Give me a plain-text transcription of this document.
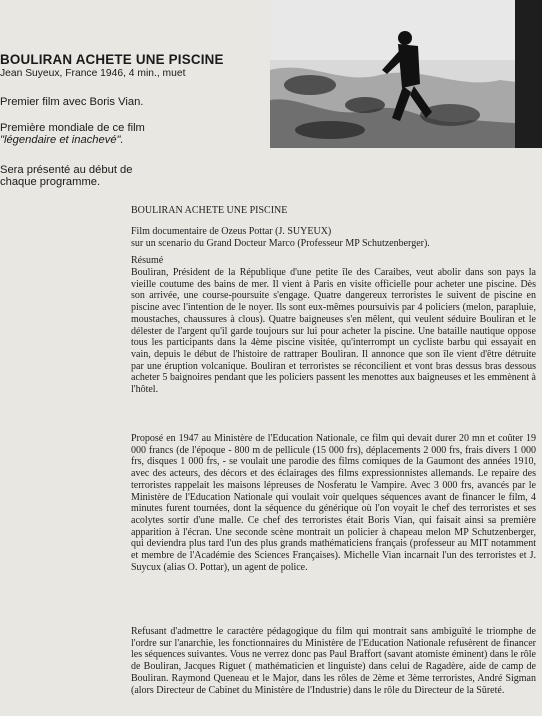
BOULIRAN ACHETE UNE PISCINE
Jean Suyeux, France 1946, 4 min., muet
Premier film avec Boris Vian.
Première mondiale de ce film
"légendaire et inachevé".
Sera présenté au début de
chaque programme.
BOULIRAN ACHETE UNE PISCINE
Film documentaire de Ozeus Pottar (J. SUYEUX)
sur un scenario du Grand Docteur Marco (Professeur MP Schutzenberger).
Résumé
Bouliran, Président de la République d'une petite île des Caraibes, veut abolir dans son pays la vieille coutume des bains de mer. Il vient à Paris en visite officielle pour acheter une piscine. Dès son arrivée, une course-poursuite s'engage. Quatre dangereux terroristes le suivent de piscine en piscine avec l'intention de le noyer. Ils sont eux-mêmes poursuivis par 4 policiers (melon, parapluie, moustaches, chaussures à clous). Quatre baigneuses s'en mêlent, qui veulent séduire Bouliran et le délester de l'argent qu'il garde toujours sur lui pour acheter la piscine. Une bataille nautique oppose tous les participants dans la 4ème piscine visitée, qu'interrompt un cycliste barbu qui essayait en vain, depuis le début de l'histoire de rattraper Bouliran. Il annonce que son île vient d'être détruite par une éruption volcanique. Bouliran et terroristes se réconcilient et vont bras dessus bras dessous acheter 5 baignoires pendant que les policiers passent les menottes aux baigneuses et les emmènent à l'hôtel.
Proposé en 1947 au Ministère de l'Education Nationale, ce film qui devait durer 20 mn et coûter 19 000 francs (de l'époque - 800 m de pellicule (15 000 frs), déplacements 2 000 frs, frais divers 1 000 frs, disques 1 000 frs, - se voulait une parodie des films comiques de la Gaumont des années 1910, avec des acteurs, des décors et des éclairages des films expressionnistes allemands. Le repaire des terroristes rappelait les maisons lépreuses de Nosferatu le Vampire. Avec 3 000 frs, avancés par le Ministère de l'Education Nationale qui voulait voir quelques séquences avant de financer le film, 4 minutes furent tournées, dont la séquence du générique où l'on voyait le chef des terroristes et ses acolytes sortir d'une malle. Ce chef des terroristes était Boris Vian, qui faisait ainsi sa première apparition à l'écran. Une seconde scène montrait un policier à chapeau melon MP Schutzenberger, qui deviendra plus tard l'un des plus grands mathématiciens français (professeur au MIT notamment et membre de l'Académie des Sciences Françaises). Michelle Vian incarnait l'un des terroristes et J. Suycux (alias O. Pottar), un agent de police.
Refusant d'admettre le caractère pédagogique du film qui montrait sans ambiguïté le triomphe de l'ordre sur l'anarchie, les fonctionnaires du Ministère de l'Education Nationale refusèrent de financer les séquences suivantes. Vous ne verrez donc pas Paul Braffort (savant atomiste éminent) dans le rôle de Bouliran, Jacques Riguet ( mathématicien et linguiste) dans celui de Ragadère, aide de camp de Bouliran. Raymond Queneau et le Major, dans les rôles de 2ème et 3ème terroristes, André Sigman (alors Directeur de Cabinet du Ministère de l'Industrie) dans le rôle du Directeur de la Sûreté.
